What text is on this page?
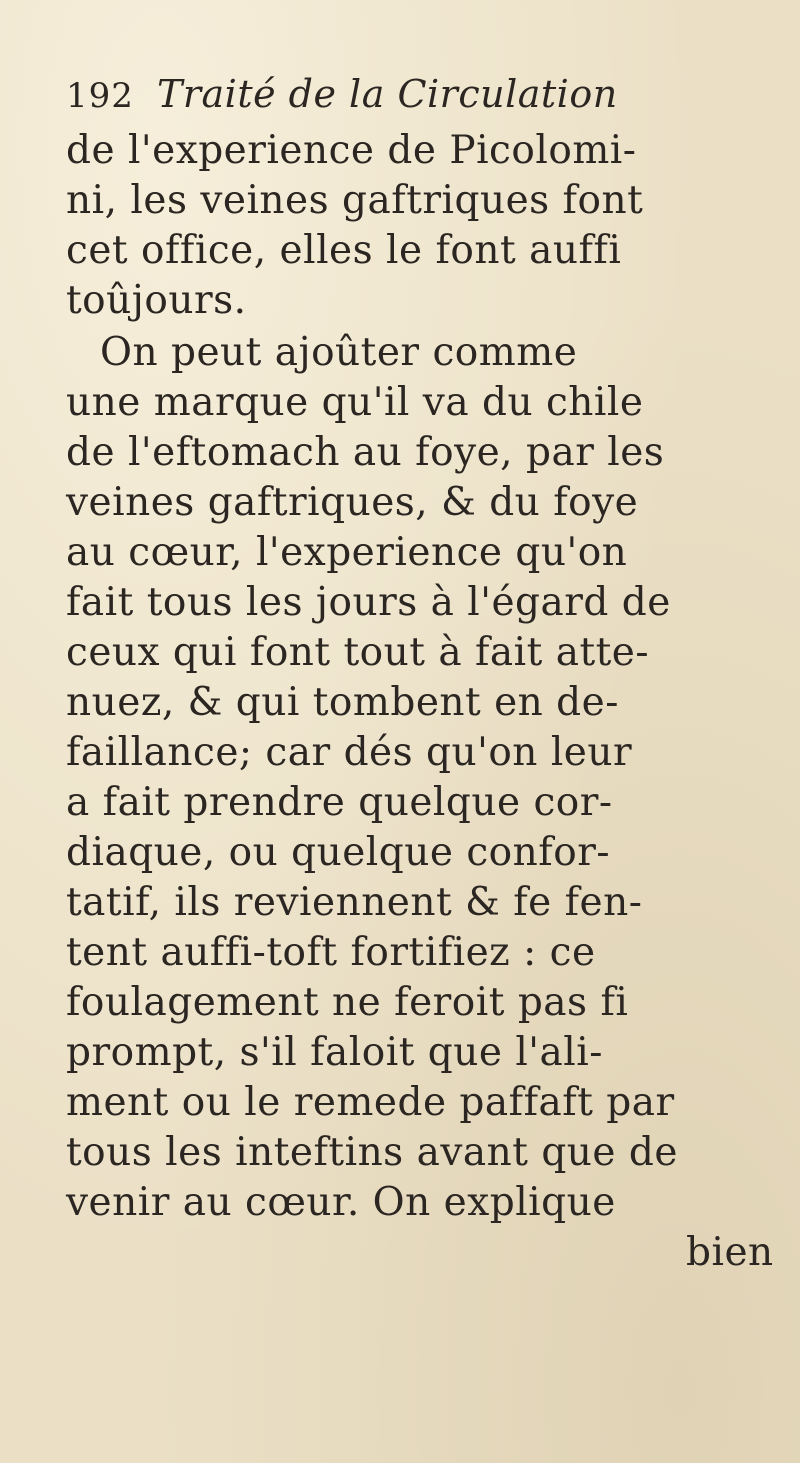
192 Traité de la Circulation
de l'experience de Picolomi-
ni, les veines gaftriques font
cet office, elles le font auffi
toûjours.
On peut ajoûter comme
une marque qu'il va du chile
de l'eftomach au foye, par les
veines gaftriques, & du foye
au cœur, l'experience qu'on
fait tous les jours à l'égard de
ceux qui font tout à fait atte-
nuez, & qui tombent en de-
faillance; car dés qu'on leur
a fait prendre quelque cor-
diaque, ou quelque confor-
tatif, ils reviennent & fe fen-
tent auffi-toft fortifiez : ce
foulagement ne feroit pas fi
prompt, s'il faloit que l'ali-
ment ou le remede paffaft par
tous les inteftins avant que de
venir au cœur. On explique
bien
